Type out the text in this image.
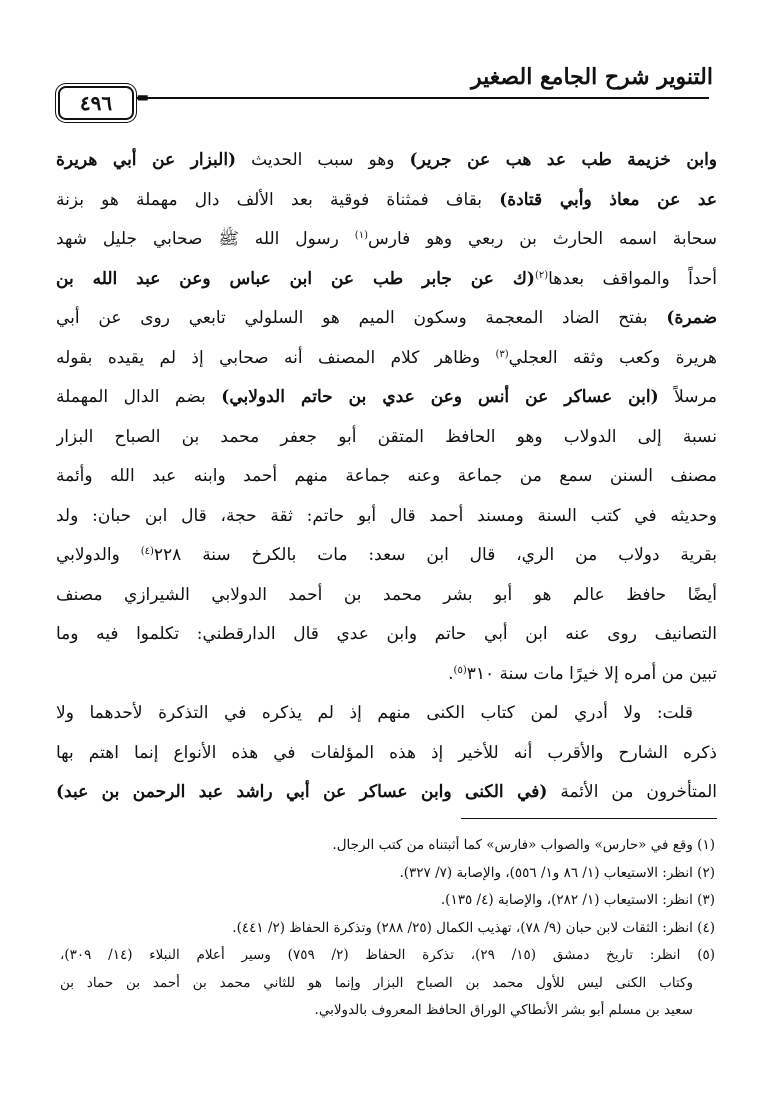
التنوير شرح الجامع الصغير
٤٩٦	=
وابن خزيمة طب عد هب عن جرير) وهو سبب الحديث (البزار عن أبي هريرة
عد عن معاذ وأبي قتادة) بقاف فمثناة فوقية بعد الألف دال مهملة هو بزنة
سحابة اسمه الحارث بن ربعي وهو فارس$^{(١)}$ رسول الله ﷺ صحابي جليل شهد
أحداً والمواقف بعدها$^{(٢)}$(ك عن جابر طب عن ابن عباس وعن عبد الله بن
ضمرة) بفتح الضاد المعجمة وسكون الميم هو السلولي تابعي روى عن أبي
هريرة وكعب وثقه العجلي$^{(٣)}$ وظاهر كلام المصنف أنه صحابي إذ لم يقيده بقوله
مرسلاً (ابن عساكر عن أنس وعن عدي بن حاتم الدولابي) بضم الدال المهملة
نسبة إلى الدولاب وهو الحافظ المتقن أبو جعفر محمد بن الصباح البزار
مصنف السنن سمع من جماعة وعنه جماعة منهم أحمد وابنه عبد الله وأئمة
وحديثه في كتب السنة ومسند أحمد قال أبو حاتم: ثقة حجة، قال ابن حبان: ولد
بقرية دولاب من الري، قال ابن سعد: مات بالكرخ سنة ٢٢٨$^{(٤)}$ والدولابي
أيضًا حافظ عالم هو أبو بشر محمد بن أحمد الدولابي الشيرازي مصنف
التصانيف روى عنه ابن أبي حاتم وابن عدي قال الدارقطني: تكلموا فيه وما
تبين من أمره إلا خيرًا مات سنة ٣١٠$^{(٥)}$.
قلت: ولا أدري لمن كتاب الكنى منهم إذ لم يذكره في التذكرة لأحدهما ولا
ذكره الشارح والأقرب أنه للأخير إذ هذه المؤلفات في هذه الأنواع إنما اهتم بها
المتأخرون من الأئمة (في الكنى وابن عساكر عن أبي راشد عبد الرحمن بن عبد)
(١) وقع في «حارس» والصواب «فارس» كما أثبتناه من كتب الرجال.
(٢) انظر: الاستيعاب (١/ ٨٦ و١/ ٥٥٦)، والإصابة (٧/ ٣٢٧).
(٣) انظر: الاستيعاب (١/ ٢٨٢)، والإصابة (٤/ ١٣٥).
(٤) انظر: الثقات لابن حبان (٩/ ٧٨)، تهذيب الكمال (٢٥/ ٢٨٨) وتذكرة الحفاظ (٢/ ٤٤١).
(٥) انظر: تاريخ دمشق (١٥/ ٢٩)، تذكرة الحفاظ (٢/ ٧٥٩) وسير أعلام النبلاء (١٤/ ٣٠٩)،
وكتاب الكنى ليس للأول محمد بن الصباح البزار وإنما هو للثاني محمد بن أحمد بن حماد بن
سعيد بن مسلم أبو بشر الأنطاكي الوراق الحافظ المعروف بالدولابي.
